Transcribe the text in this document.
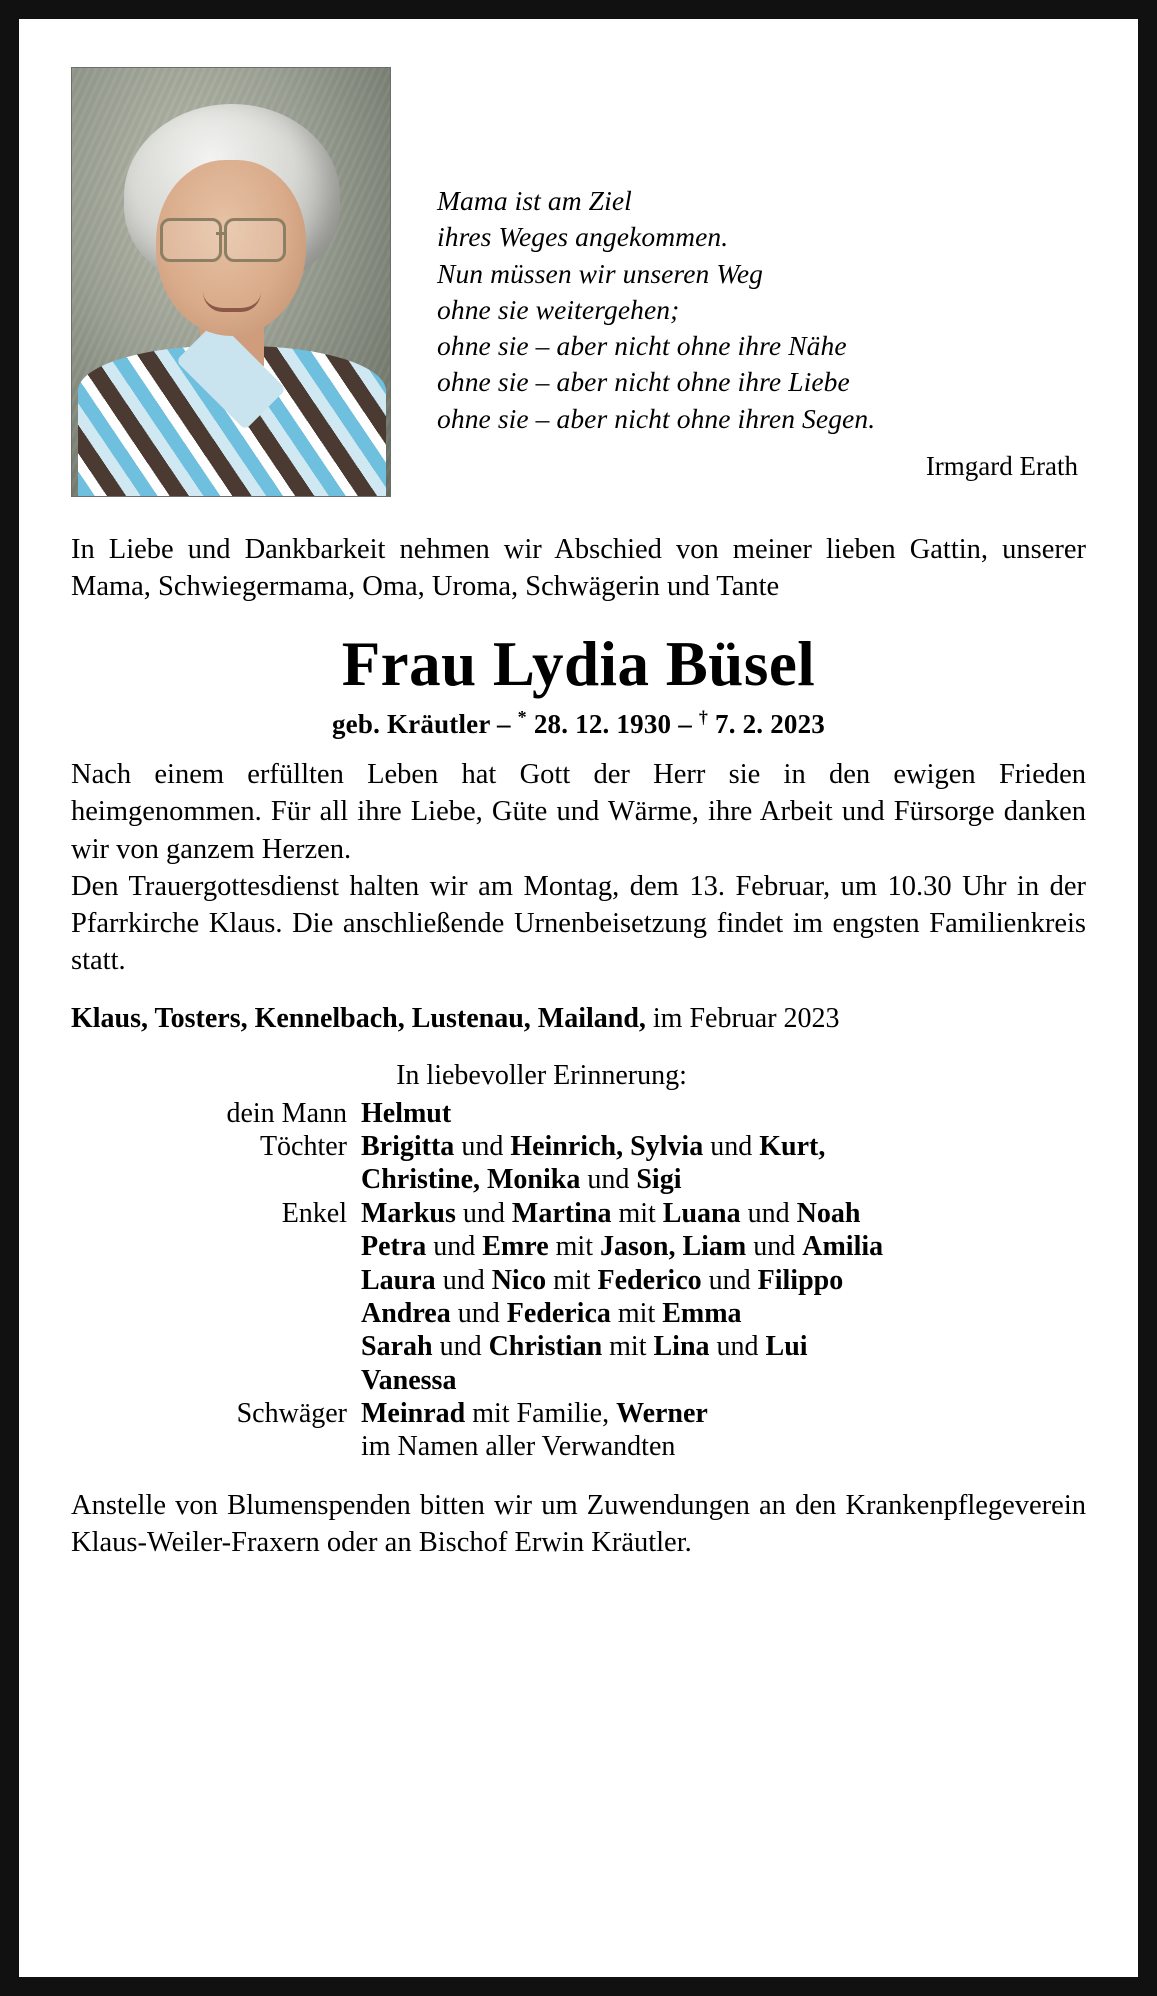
Mama ist am Ziel
ihres Weges angekommen.
Nun müssen wir unseren Weg
ohne sie weitergehen;
ohne sie – aber nicht ohne ihre Nähe
ohne sie – aber nicht ohne ihre Liebe
ohne sie – aber nicht ohne ihren Segen.

Irmgard Erath
In Liebe und Dankbarkeit nehmen wir Abschied von meiner lieben Gattin, unserer Mama, Schwiegermama, Oma, Uroma, Schwägerin und Tante
Frau Lydia Büsel
geb. Kräutler – * 28. 12. 1930 – † 7. 2. 2023
Nach einem erfüllten Leben hat Gott der Herr sie in den ewigen Frieden heimgenommen. Für all ihre Liebe, Güte und Wärme, ihre Arbeit und Fürsorge danken wir von ganzem Herzen.
Den Trauergottesdienst halten wir am Montag, dem 13. Februar, um 10.30 Uhr in der Pfarrkirche Klaus. Die anschließende Urnenbeisetzung findet im engsten Familienkreis statt.
Klaus, Tosters, Kennelbach, Lustenau, Mailand, im Februar 2023
In liebevoller Erinnerung:
dein Mann Helmut
Töchter Brigitta und Heinrich, Sylvia und Kurt,
Christine, Monika und Sigi
Enkel Markus und Martina mit Luana und Noah
Petra und Emre mit Jason, Liam und Amilia
Laura und Nico mit Federico und Filippo
Andrea und Federica mit Emma
Sarah und Christian mit Lina und Lui
Vanessa
Schwäger Meinrad mit Familie, Werner
im Namen aller Verwandten
Anstelle von Blumenspenden bitten wir um Zuwendungen an den Krankenpflegeverein Klaus-Weiler-Fraxern oder an Bischof Erwin Kräutler.
